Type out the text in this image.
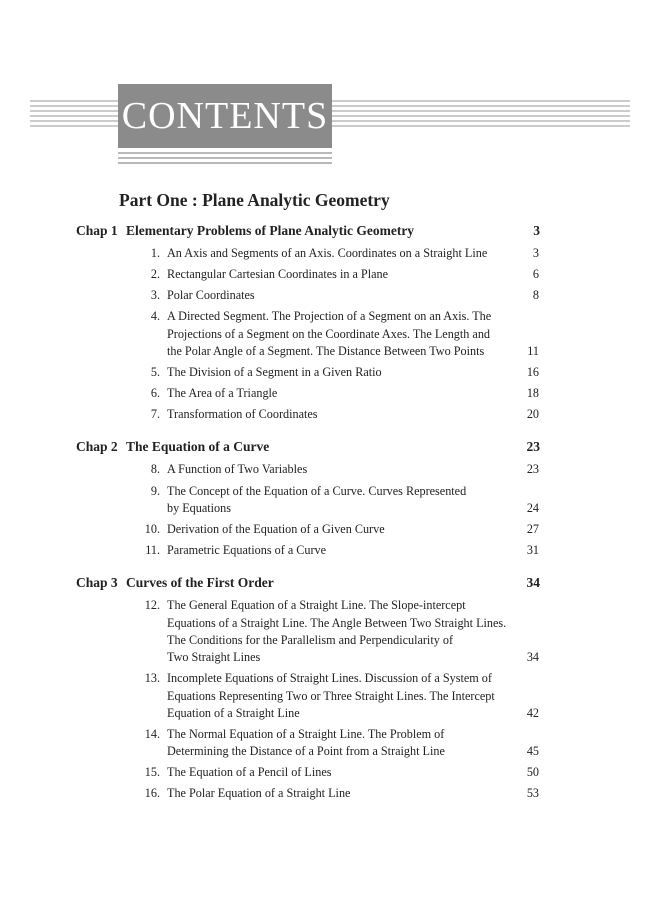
CONTENTS
Part One : Plane Analytic Geometry
Chap 1 Elementary Problems of Plane Analytic Geometry	3
1. An Axis and Segments of an Axis. Coordinates on a Straight Line	3
2. Rectangular Cartesian Coordinates in a Plane	6
3. Polar Coordinates	8
4. A Directed Segment. The Projection of a Segment on an Axis. The
Projections of a Segment on the Coordinate Axes. The Length and
the Polar Angle of a Segment. The Distance Between Two Points	11
5. The Division of a Segment in a Given Ratio	16
6. The Area of a Triangle	18
7. Transformation of Coordinates	20
Chap 2 The Equation of a Curve	23
8. A Function of Two Variables	23
9. The Concept of the Equation of a Curve. Curves Represented
by Equations	24
10. Derivation of the Equation of a Given Curve	27
11. Parametric Equations of a Curve	31
Chap 3 Curves of the First Order	34
12. The General Equation of a Straight Line. The Slope-intercept
Equations of a Straight Line. The Angle Between Two Straight Lines.
The Conditions for the Parallelism and Perpendicularity of
Two Straight Lines	34
13. Incomplete Equations of Straight Lines. Discussion of a System of
Equations Representing Two or Three Straight Lines. The Intercept
Equation of a Straight Line	42
14. The Normal Equation of a Straight Line. The Problem of
Determining the Distance of a Point from a Straight Line	45
15. The Equation of a Pencil of Lines	50
16. The Polar Equation of a Straight Line	53
